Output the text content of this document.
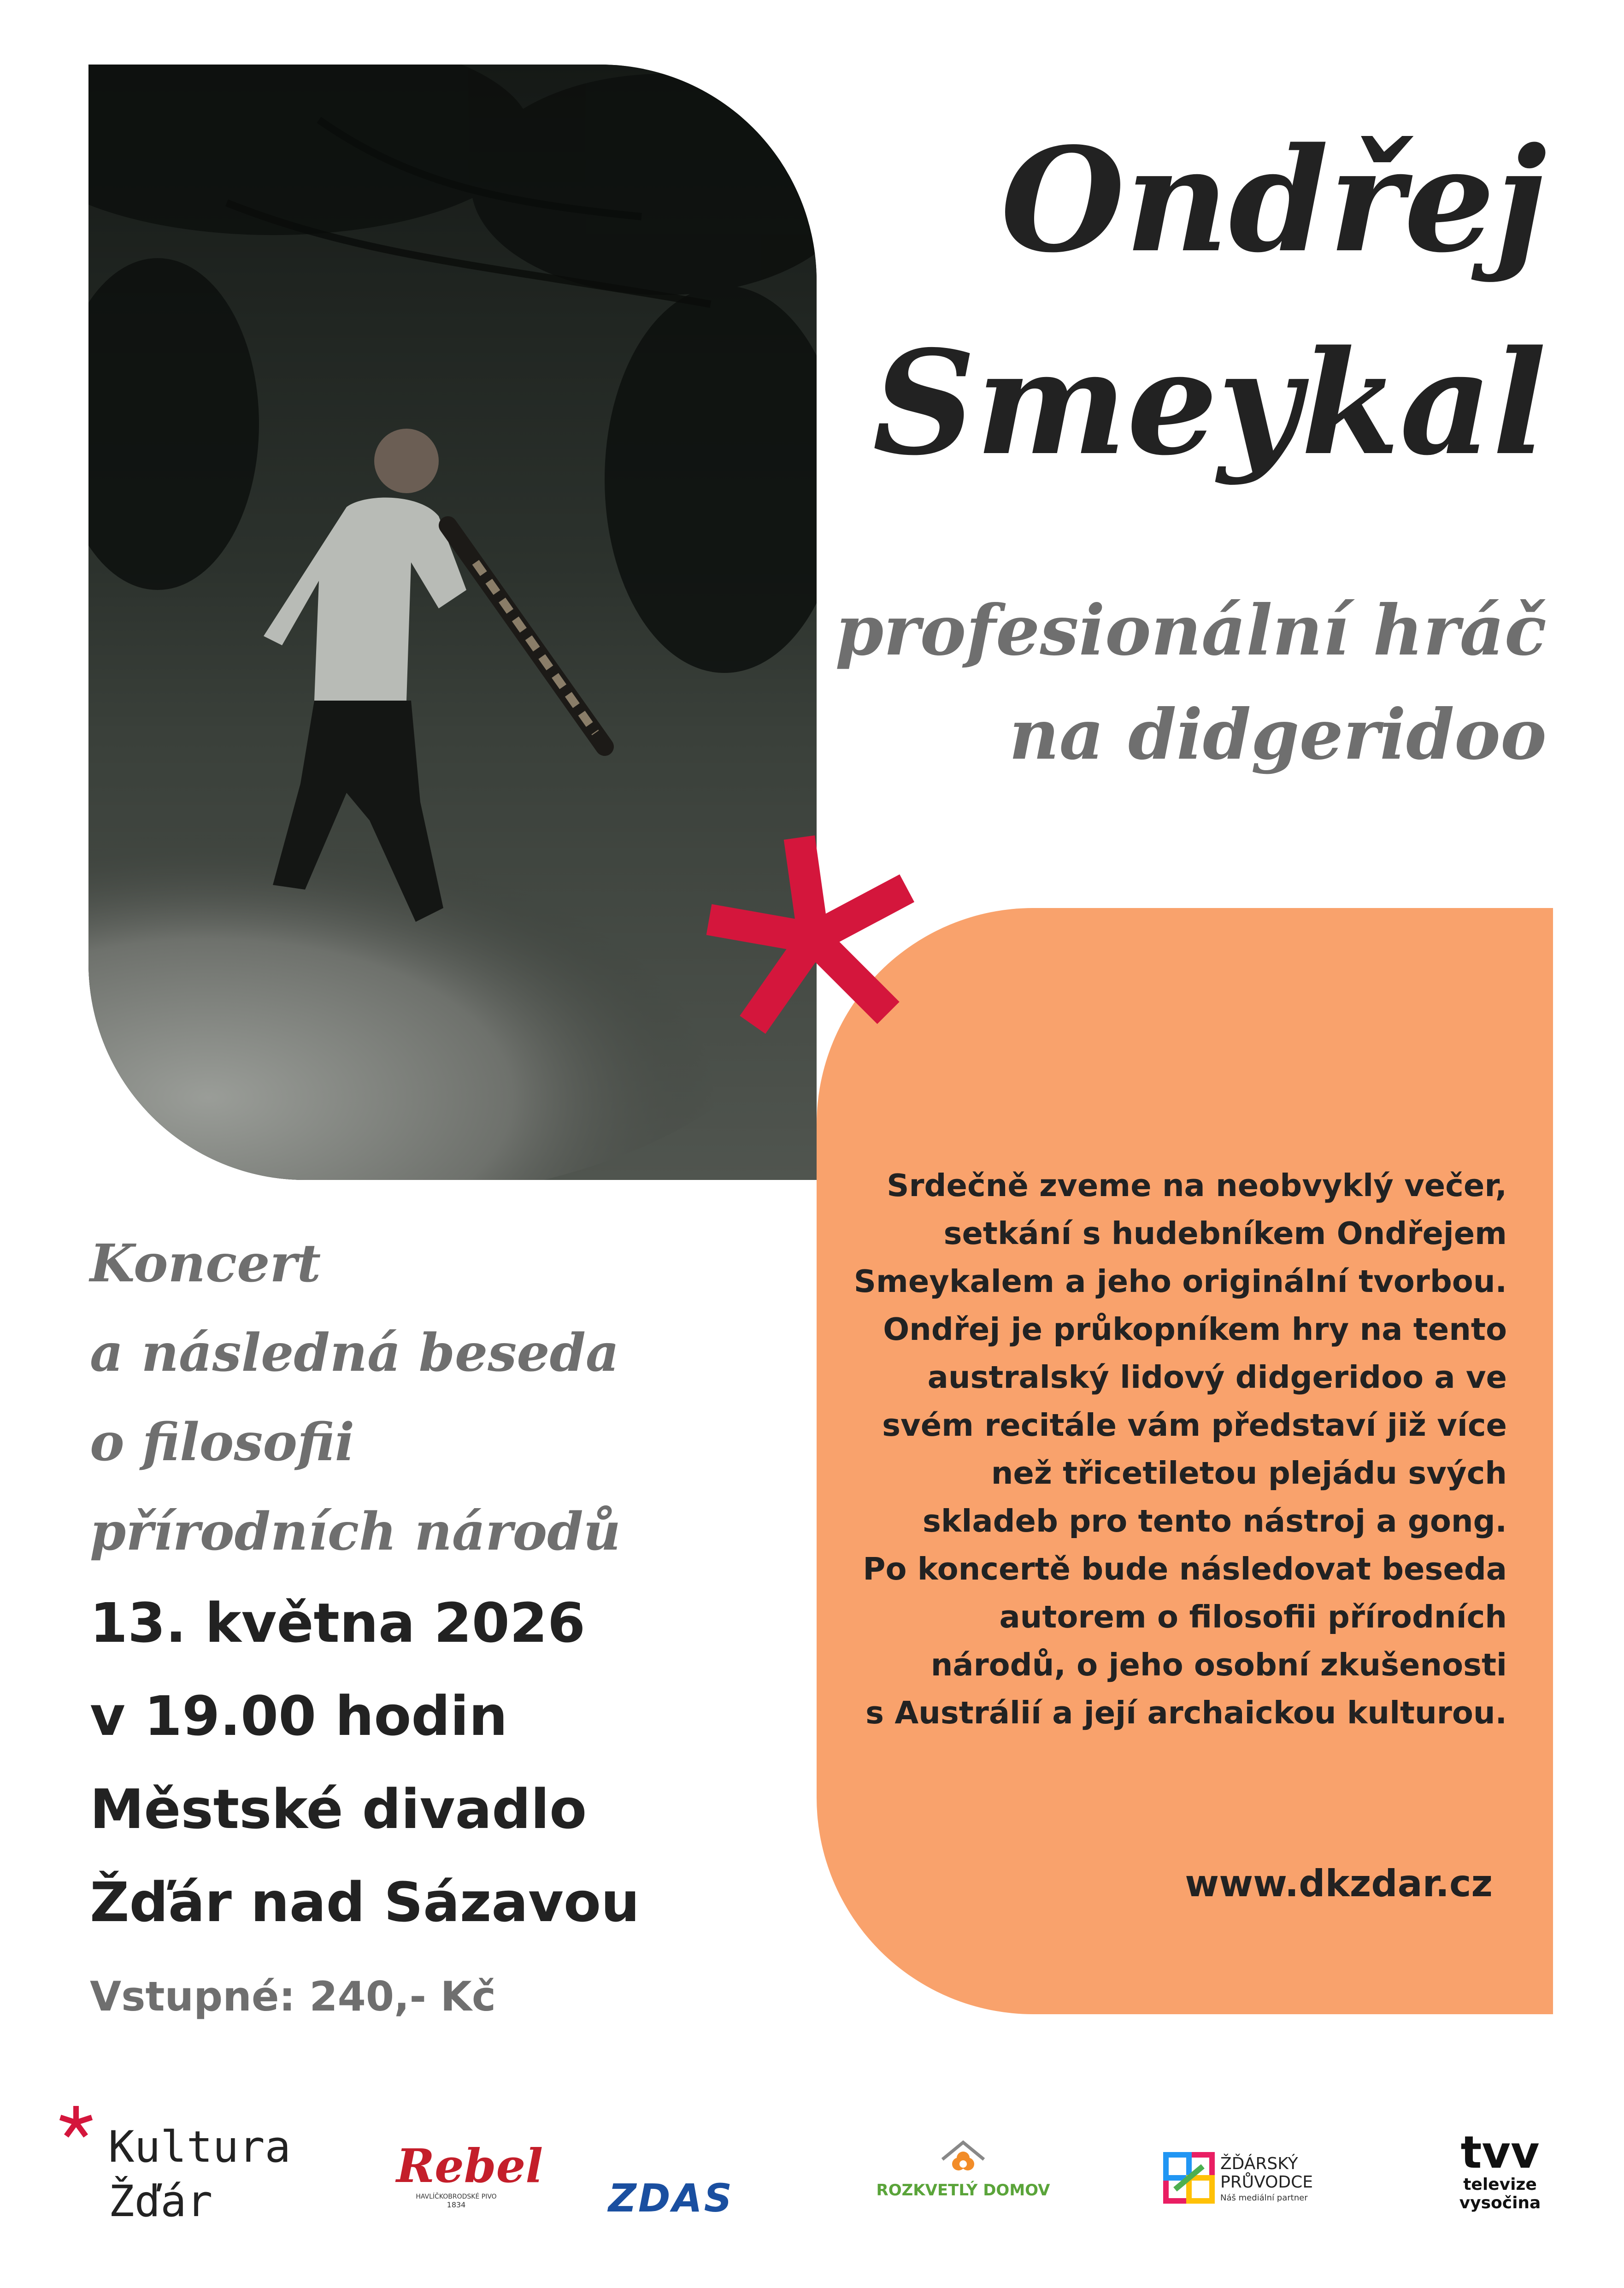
Ondřej
Smeykal
profesionální hráč
na didgeridoo
Srdečně zveme na neobvyklý večer,
setkání s hudebníkem Ondřejem
Smeykalem a jeho originální tvorbou.
Ondřej je průkopníkem hry na tento
australský lidový didgeridoo a ve
svém recitále vám představí již více
než třicetiletou plejádu svých
skladeb pro tento nástroj a gong.
Po koncertě bude následovat beseda
autorem o filosofii přírodních
národů, o jeho osobní zkušenosti
s Austrálií a její archaickou kulturou.
www.dkzdar.cz
Koncert
a následná beseda
o filosofii
přírodních národů
13. května 2026
v 19.00 hodin
Městské divadlo
Žďár nad Sázavou
Vstupné: 240,- Kč
Kultura
Žďár
Rebel
HAVLÍČKOBRODSKÉ PIVO
1834	ZDAS	ROZKVETLÝ DOMOV
ŽĎÁRSKÝ
PRŮVODCE
Náš mediální partner
tvv
televize
vysočina
